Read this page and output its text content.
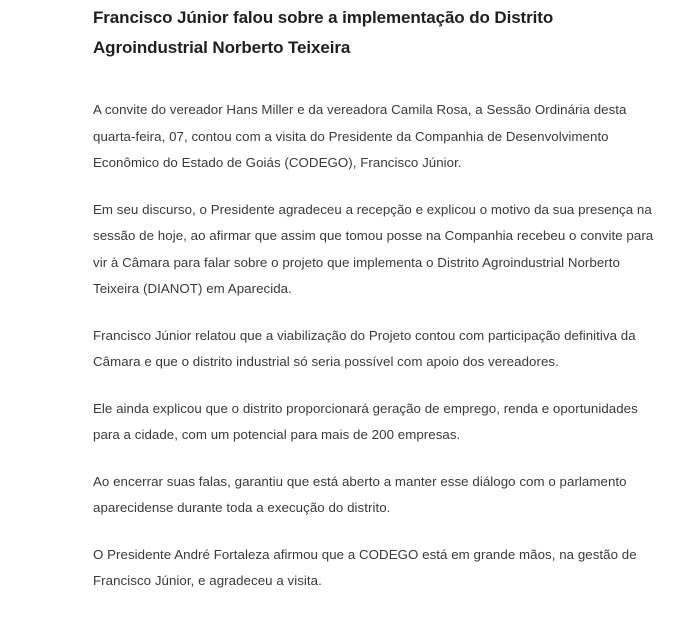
Francisco Júnior falou sobre a implementação do Distrito Agroindustrial Norberto Teixeira

A convite do vereador Hans Miller e da vereadora Camila Rosa, a Sessão Ordinária desta quarta-feira, 07, contou com a visita do Presidente da Companhia de Desenvolvimento Econômico do Estado de Goiás (CODEGO), Francisco Júnior.

Em seu discurso, o Presidente agradeceu a recepção e explicou o motivo da sua presença na sessão de hoje, ao afirmar que assim que tomou posse na Companhia recebeu o convite para vir à Câmara para falar sobre o projeto que implementa o Distrito Agroindustrial Norberto Teixeira (DIANOT) em Aparecida.

Francisco Júnior relatou que a viabilização do Projeto contou com participação definitiva da Câmara e que o distrito industrial só seria possível com apoio dos vereadores.

Ele ainda explicou que o distrito proporcionará geração de emprego, renda e oportunidades para a cidade, com um potencial para mais de 200 empresas.

Ao encerrar suas falas, garantiu que está aberto a manter esse diálogo com o parlamento aparecidense durante toda a execução do distrito.

O Presidente André Fortaleza afirmou que a CODEGO está em grande mãos, na gestão de Francisco Júnior, e agradeceu a visita.
